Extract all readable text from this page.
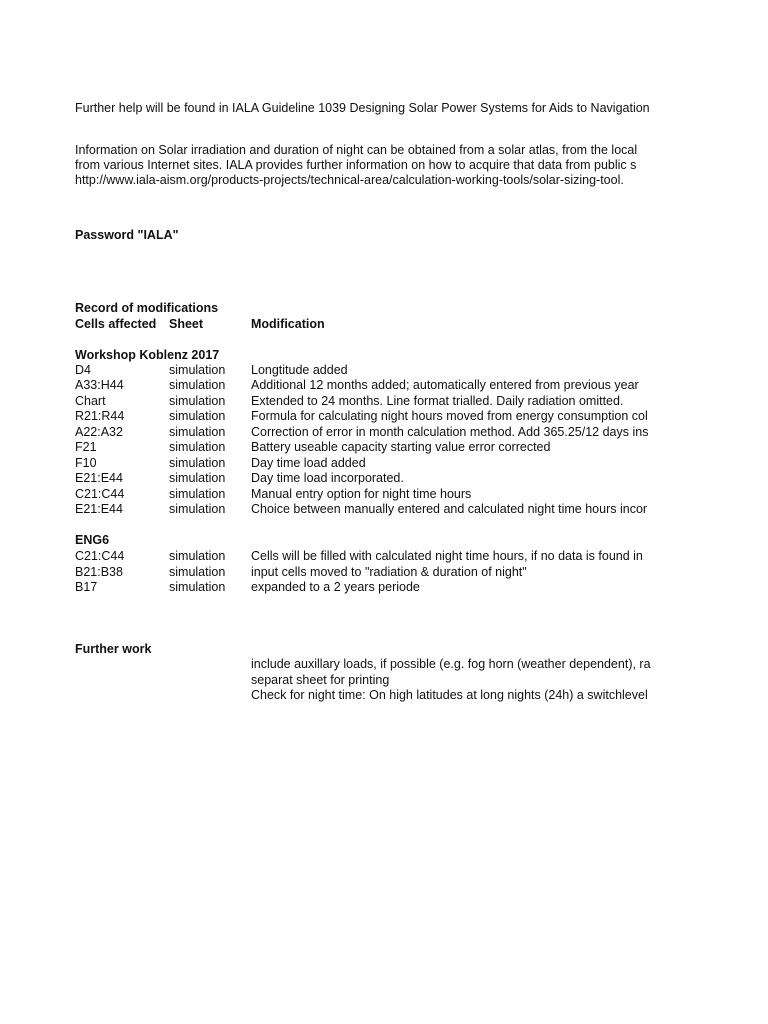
Further help will be found in IALA Guideline 1039 Designing Solar Power Systems for Aids to Navigation
Information on Solar irradiation and duration of night can be obtained from a solar atlas, from the local
from various Internet sites. IALA provides further information on how to acquire that data from public s
http://www.iala-aism.org/products-projects/technical-area/calculation-working-tools/solar-sizing-tool.
Password "IALA"
Record of modifications
Cells affected Sheet	Modification
Workshop Koblenz 2017
D4	simulation Longtitude added
A33:H44	simulation Additional 12 months added; automatically entered from previous year
Chart	simulation Extended to 24 months. Line format trialled. Daily radiation omitted.
R21:R44	simulation Formula for calculating night hours moved from energy consumption col
A22:A32	simulation Correction of error in month calculation method. Add 365.25/12 days ins
F21	simulation Battery useable capacity starting value error corrected
F10	simulation Day time load added
E21:E44	simulation Day time load incorporated.
C21:C44	simulation Manual entry option for night time hours
E21:E44	simulation Choice between manually entered and calculated night time hours incor
ENG6
C21:C44	simulation Cells will be filled with calculated night time hours, if no data is found in
B21:B38	simulation input cells moved to "radiation & duration of night"
B17	simulation expanded to a 2 years periode
Further work
include auxillary loads, if possible (e.g. fog horn (weather dependent), ra
separat sheet for printing
Check for night time: On high latitudes at long nights (24h) a switchlevel
